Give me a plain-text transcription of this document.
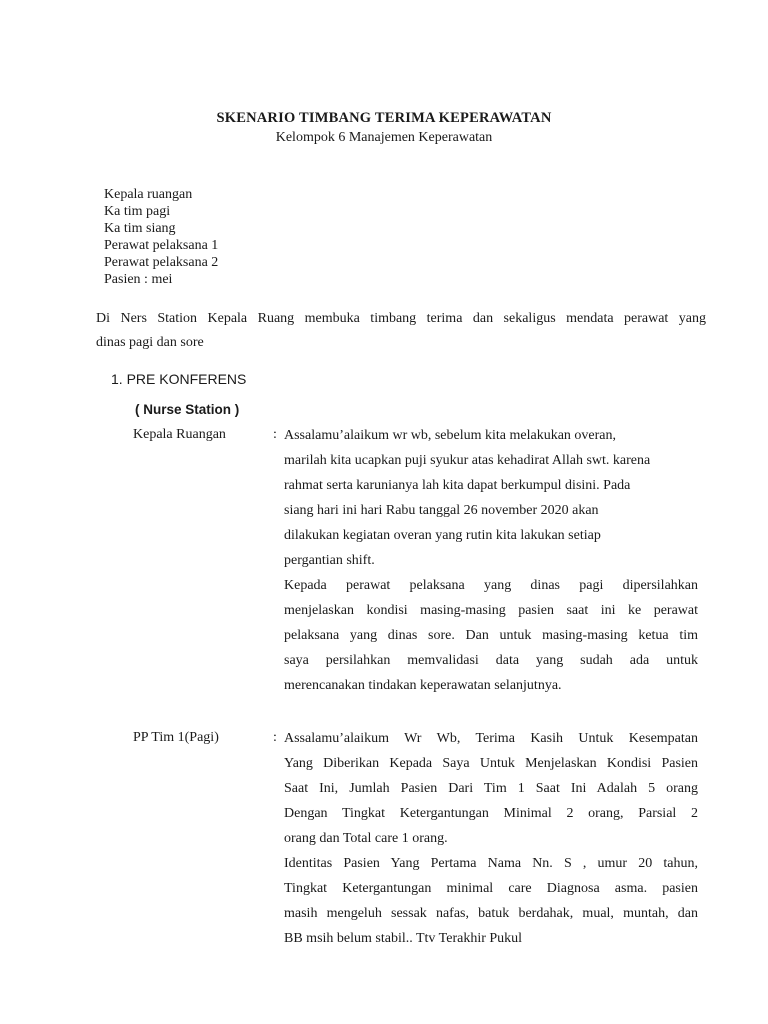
SKENARIO TIMBANG TERIMA KEPERAWATAN
Kelompok 6 Manajemen Keperawatan
Kepala ruangan
Ka tim pagi
Ka tim siang
Perawat pelaksana 1
Perawat pelaksana 2
Pasien : mei
Di Ners Station Kepala Ruang membuka timbang terima dan sekaligus mendata perawat yang
dinas pagi dan sore
1. PRE KONFERENS
( Nurse Station )
Kepala Ruangan	: Assalamu’alaikum wr wb, sebelum kita melakukan overan,
marilah kita ucapkan puji syukur atas kehadirat Allah swt. karena
rahmat serta karunianya lah kita dapat berkumpul disini. Pada
siang hari ini hari Rabu tanggal 26 november 2020 akan
dilakukan kegiatan overan yang rutin kita lakukan setiap
pergantian shift.
Kepada perawat pelaksana yang dinas pagi dipersilahkan
menjelaskan kondisi masing-masing pasien saat ini ke perawat
pelaksana yang dinas sore. Dan untuk masing-masing ketua tim
saya persilahkan memvalidasi data yang sudah ada untuk
merencanakan tindakan keperawatan selanjutnya.
PP Tim 1(Pagi)	: Assalamu’alaikum Wr Wb, Terima Kasih Untuk Kesempatan
Yang Diberikan Kepada Saya Untuk Menjelaskan Kondisi Pasien
Saat Ini, Jumlah Pasien Dari Tim 1 Saat Ini Adalah 5 orang
Dengan Tingkat Ketergantungan Minimal 2 orang, Parsial 2
orang dan Total care 1 orang.
Identitas Pasien Yang Pertama Nama Nn. S , umur 20 tahun,
Tingkat Ketergantungan minimal care Diagnosa asma. pasien
masih mengeluh sessak nafas, batuk berdahak, mual, muntah, dan
BB msih belum stabil.. Ttv Terakhir Pukul
